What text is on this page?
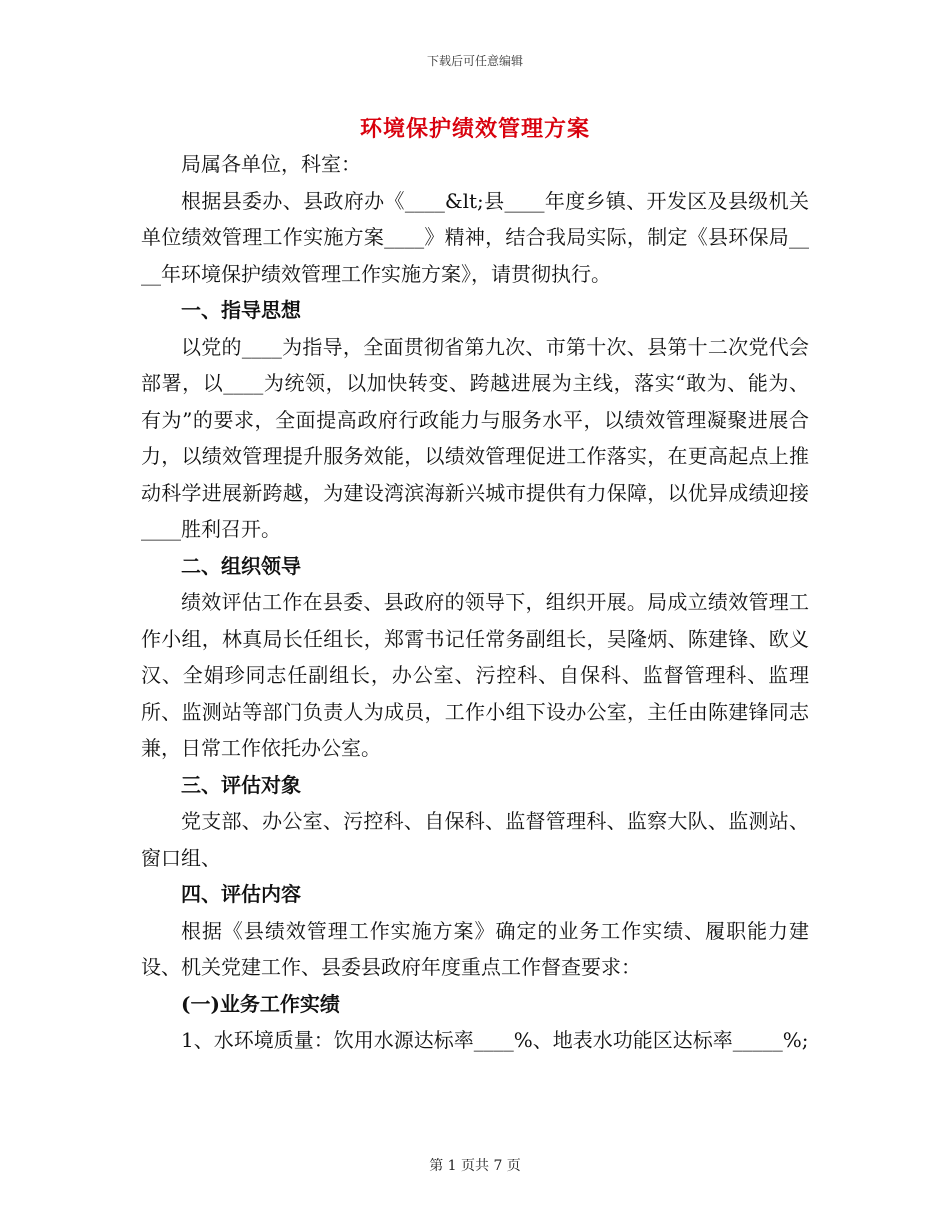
下载后可任意编辑
环境保护绩效管理方案

局属各单位，科室：

根据县委办、县政府办《____&lt;县____年度乡镇、开发区及县级机关单位绩效管理工作实施方案____》精神，结合我局实际，制定《县环保局____年环境保护绩效管理工作实施方案》，请贯彻执行。

一、指导思想

以党的____为指导，全面贯彻省第九次、市第十次、县第十二次党代会部署，以____为统领，以加快转变、跨越进展为主线，落实“敢为、能为、有为”的要求，全面提高政府行政能力与服务水平，以绩效管理凝聚进展合力，以绩效管理提升服务效能，以绩效管理促进工作落实，在更高起点上推动科学进展新跨越，为建设湾滨海新兴城市提供有力保障，以优异成绩迎接____胜利召开。

二、组织领导

绩效评估工作在县委、县政府的领导下，组织开展。局成立绩效管理工作小组，林真局长任组长，郑霄书记任常务副组长，吴隆炳、陈建锋、欧义汉、全娟珍同志任副组长，办公室、污控科、自保科、监督管理科、监理所、监测站等部门负责人为成员，工作小组下设办公室，主任由陈建锋同志兼，日常工作依托办公室。

三、评估对象

党支部、办公室、污控科、自保科、监督管理科、监察大队、监测站、窗口组、

四、评估内容

根据《县绩效管理工作实施方案》确定的业务工作实绩、履职能力建设、机关党建工作、县委县政府年度重点工作督查要求：

(一)业务工作实绩

1、水环境质量：饮用水源达标率____%、地表水功能区达标率_____%;

第 1 页共 7 页
